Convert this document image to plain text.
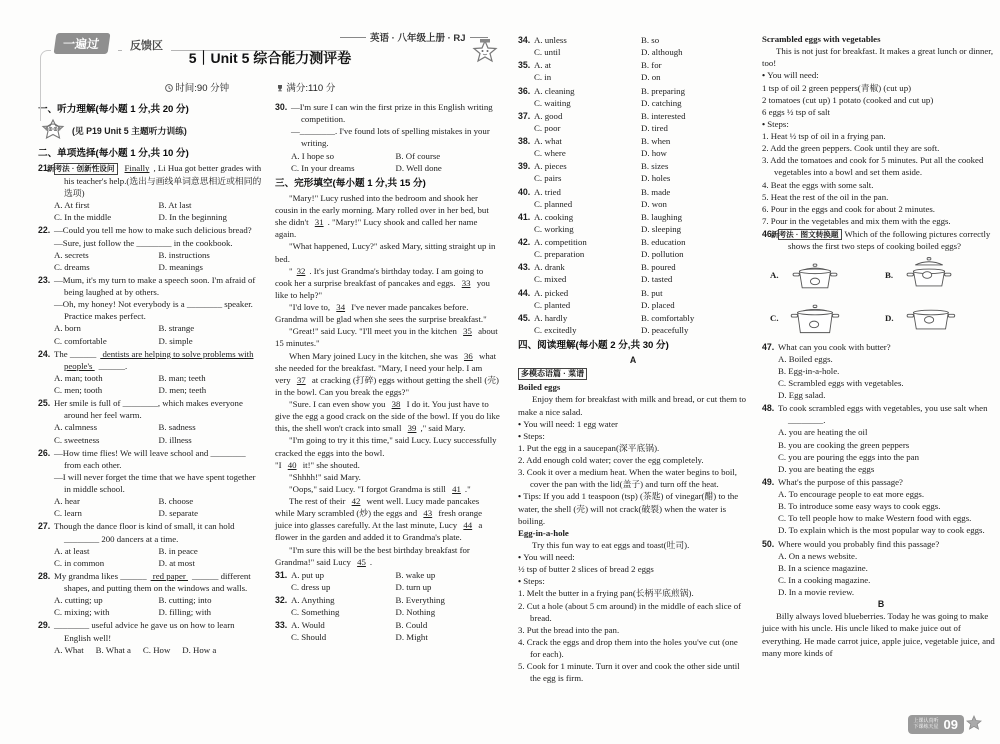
一遍过	反馈区
英语 · 八年级上册 · RJ
5｜Unit 5 综合能力测评卷
时间:90 分钟	满分:110 分
一、听力理解(每小题 1 分,共 20 分)
(见 P19 Unit 5 主题听力训练)
二、单项选择(每小题 1 分,共 10 分)
21.
新考法 · 创新性设问 Finally , Li Hua got better grades with his teacher's help.(选出与画线单词意思相近或相同的选项)
A. At first	B. At last
C. In the middle	D. In the beginning
22. —Could you tell me how to make such delicious bread?
—Sure, just follow the ________ in the cookbook.
A. secrets	B. instructions
C. dreams	D. meanings
23. —Mum, it's my turn to make a speech soon. I'm afraid of being laughed at by others.
—Oh, my honey! Not everybody is a ________ speaker. Practice makes perfect.
A. born	B. strange
C. comfortable	D. simple
24. The ______ dentists are helping to solve problems with people's ______.
A. man; tooth	B. man; teeth
C. men; tooth	D. men; teeth
25. Her smile is full of ________, which makes everyone around her feel warm.
A. calmness	B. sadness
C. sweetness	D. illness
26. —How time flies! We will leave school and ________ from each other.
—I will never forget the time that we have spent together in middle school.
A. hear	B. choose
C. learn	D. separate
27. Though the dance floor is kind of small, it can hold ________ 200 dancers at a time.
A. at least	B. in peace
C. in common	D. at most
28. My grandma likes ______ red paper ______ different shapes, and putting them on the windows and walls.
A. cutting; up	B. cutting; into
C. mixing; with	D. filling; with
29. ________ useful advice he gave us on how to learn English well!
A. What B. What a C. How D. How a
30. —I'm sure I can win the first prize in this English writing competition.
—________. I've found lots of spelling mistakes in your writing.
A. I hope so	B. Of course
C. In your dreams	D. Well done
三、完形填空(每小题 1 分,共 15 分)
"Mary!" Lucy rushed into the bedroom and shook her cousin in the early morning. Mary rolled over in her bed, but she didn't 31 . "Mary!" Lucy shook and called her name again.
"What happened, Lucy?" asked Mary, sitting straight up in bed.
" 32 . It's just Grandma's birthday today. I am going to cook her a surprise breakfast of pancakes and eggs. 33 you like to help?"
"I'd love to, 34 I've never made pancakes before. Grandma will be glad when she sees the surprise breakfast."
"Great!" said Lucy. "I'll meet you in the kitchen 35 about 15 minutes."
When Mary joined Lucy in the kitchen, she was 36 what she needed for the breakfast. "Mary, I need your help. I am very 37 at cracking (打碎) eggs without getting the shell (壳) in the bowl. Can you break the eggs?"
"Sure. I can even show you 38 I do it. You just have to give the egg a good crack on the side of the bowl. If you do like this, the shell won't crack into small 39 ," said Mary.
"I'm going to try it this time," said Lucy. Lucy successfully cracked the eggs into the bowl.
"I 40 it!" she shouted.
"Shhhh!" said Mary.
"Oops," said Lucy. "I forgot Grandma is still 41 ."
The rest of their 42 went well. Lucy made pancakes while Mary scrambled (炒) the eggs and 43 fresh orange juice into glasses carefully. At the last minute, Lucy 44 a flower in the garden and added it to Grandma's plate.
"I'm sure this will be the best birthday breakfast for Grandma!" said Lucy 45 .
31. A. put up	B. wake up
C. dress up	D. turn up
32. A. Anything	B. Everything
C. Something	D. Nothing
33. A. Would	B. Could
C. Should	D. Might
34. A. unless	B. so
C. until	D. although
35. A. at	B. for
C. in	D. on
36. A. cleaning	B. preparing
C. waiting	D. catching
37. A. good	B. interested
C. poor	D. tired
38. A. what	B. when
C. where	D. how
39. A. pieces	B. sizes
C. pairs	D. holes
40. A. tried	B. made
C. planned	D. won
41. A. cooking	B. laughing
C. working	D. sleeping
42. A. competition	B. education
C. preparation	D. pollution
43. A. drank	B. poured
C. mixed	D. tasted
44. A. picked	B. put
C. planted	D. placed
45. A. hardly	B. comfortably
C. excitedly	D. peacefully
四、阅读理解(每小题 2 分,共 30 分)
A
多模态语篇 · 菜谱
Boiled eggs
Enjoy them for breakfast with milk and bread, or cut them to make a nice salad.
• You will need: 1 egg water
• Steps:
1. Put the egg in a saucepan(深平底锅).
2. Add enough cold water; cover the egg completely.
3. Cook it over a medium heat. When the water begins to boil, cover the pan with the lid(盖子) and turn off the heat.
• Tips: If you add 1 teaspoon (tsp) (茶匙) of vinegar(醋) to the water, the shell (壳) will not crack(破裂) when the water is boiling.
Egg-in-a-hole
Try this fun way to eat eggs and toast(吐司).
• You will need:
½ tsp of butter 2 slices of bread 2 eggs
• Steps:
1. Melt the butter in a frying pan(长柄平底煎锅).
2. Cut a hole (about 5 cm around) in the middle of each slice of bread.
3. Put the bread into the pan.
4. Crack the eggs and drop them into the holes you've cut (one for each).
5. Cook for 1 minute. Turn it over and cook the other side until the egg is firm.
Scrambled eggs with vegetables
This is not just for breakfast. It makes a great lunch or dinner, too!
• You will need:
1 tsp of oil 2 green peppers(青椒) (cut up)
2 tomatoes (cut up) 1 potato (cooked and cut up)
6 eggs ½ tsp of salt
• Steps:
1. Heat ½ tsp of oil in a frying pan.
2. Add the green peppers. Cook until they are soft.
3. Add the tomatoes and cook for 5 minutes. Put all the cooked vegetables into a bowl and set them aside.
4. Beat the eggs with some salt.
5. Heat the rest of the oil in the pan.
6. Pour in the eggs and cook for about 2 minutes.
7. Pour in the vegetables and mix them with the eggs.
46.
新考法 · 图文转换题 Which of the following pictures correctly shows the first two steps of cooking boiled eggs?
A.	B.
C.	D.
47. What can you cook with butter?
A. Boiled eggs.
B. Egg-in-a-hole.
C. Scrambled eggs with vegetables.
D. Egg salad.
48. To cook scrambled eggs with vegetables, you use salt when ________.
A. you are heating the oil
B. you are cooking the green peppers
C. you are pouring the eggs into the pan
D. you are beating the eggs
49. What's the purpose of this passage?
A. To encourage people to eat more eggs.
B. To introduce some easy ways to cook eggs.
C. To tell people how to make Western food with eggs.
D. To explain which is the most popular way to cook eggs.
50. Where would you probably find this passage?
A. On a news website.
B. In a science magazine.
C. In a cooking magazine.
D. In a movie review.
B
Billy always loved blueberries. Today he was going to make juice with his uncle. His uncle liked to make juice out of everything. He made carrot juice, apple juice, vegetable juice, and many more kinds of
上课认真听
下课练天星 09
